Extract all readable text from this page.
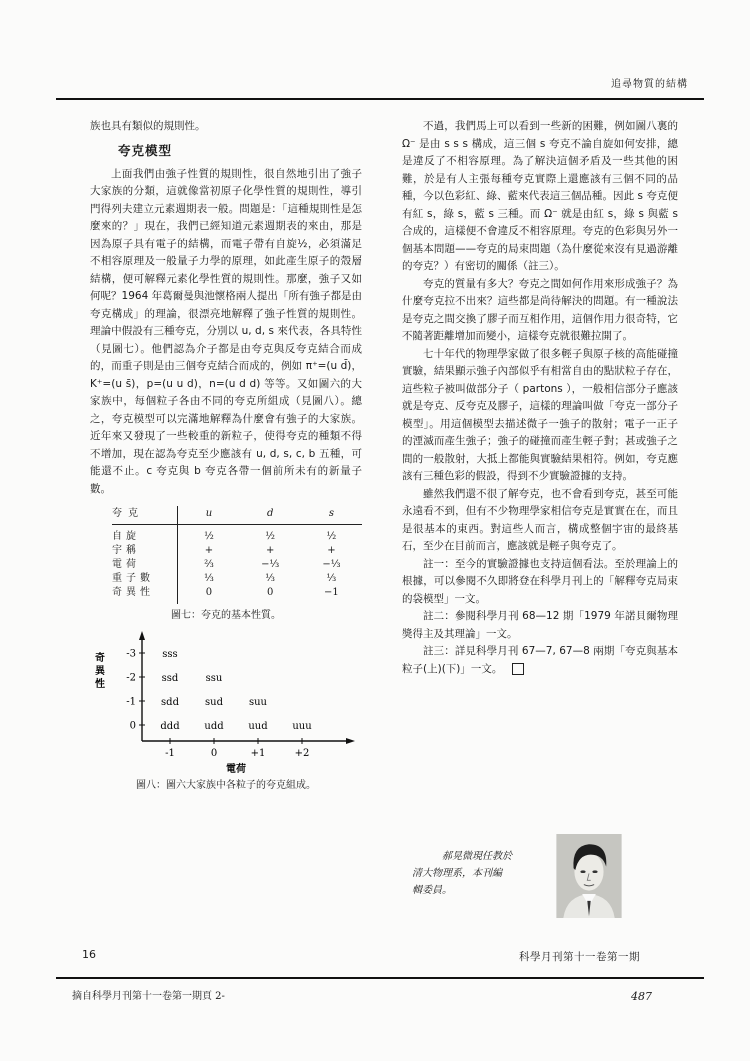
追尋物質的結構

族也具有類似的規則性。

夸克模型

上面我們由強子性質的規則性，很自然地引出了強子大家族的分類，這就像當初原子化學性質的規則性，導引門得列夫建立元素週期表一般。問題是：「這種規則性是怎麼來的？」現在，我們已經知道元素週期表的來由，那是因為原子具有電子的結構，而電子帶有自旋½，必須滿足不相容原理及一般量子力學的原理，如此產生原子的殼層結構，便可解釋元素化學性質的規則性。那麼，強子又如何呢？1964 年葛爾曼與池懷格兩人提出「所有強子都是由夸克構成」的理論，很漂亮地解釋了強子性質的規則性。理論中假設有三種夸克，分別以 u, d, s 來代表，各具特性（見圖七）。他們認為介子都是由夸克與反夸克結合而成的，而重子則是由三個夸克結合而成的，例如 π⁺=(u d̄)，K⁺=(u s̄)，p=(u u d)，n=(u d d) 等等。又如圖六的大家族中，每個粒子各由不同的夸克所組成（見圖八）。總之，夸克模型可以完滿地解釋為什麼會有強子的大家族。近年來又發現了一些較重的新粒子，使得夸克的種類不得不增加，現在認為夸克至少應該有 u, d, s, c, b 五種，可能還不止。c 夸克與 b 夸克各帶一個前所未有的新量子數。

夸克	u	d	s
自旋	½	½	½
宇稱	+	+	+
電荷	⅔	−⅓	−⅓
重子數	⅓	⅓	⅓
奇異性	0	0	−1
圖七：夸克的基本性質。
-1	0	+1	+2
0
-1
-2
-3	sss
ssd	ssu
sdd	sud	suu
ddd udd uud uuu
奇
異
性
電荷
圖八：圖六大家族中各粒子的夸克組成。

不過，我們馬上可以看到一些新的困難，例如圖八裏的 Ω⁻ 是由 s s s 構成，這三個 s 夸克不論自旋如何安排，總是違反了不相容原理。為了解決這個矛盾及一些其他的困難，於是有人主張每種夸克實際上還應該有三個不同的品種，今以色彩紅、綠、藍來代表這三個品種。因此 s 夸克便有紅 s，綠 s，藍 s 三種。而 Ω⁻ 就是由紅 s，綠 s 與藍 s 合成的，這樣便不會違反不相容原理。夸克的色彩與另外一個基本問題——夸克的局束問題（為什麼從來沒有見過游離的夸克？）有密切的關係（註三）。

夸克的質量有多大？夸克之間如何作用來形成強子？為什麼夸克拉不出來？這些都是尚待解決的問題。有一種說法是夸克之間交換了膠子而互相作用，這個作用力很奇特，它不隨著距離增加而變小，這樣夸克就很難拉開了。

七十年代的物理學家做了很多輕子與原子核的高能碰撞實驗，結果顯示強子內部似乎有相當自由的點狀粒子存在，這些粒子被叫做部分子（ partons ），一般相信部分子應該就是夸克、反夸克及膠子，這樣的理論叫做「夸克一部分子模型」。用這個模型去描述微子一強子的散射；電子一正子的湮滅而產生強子；強子的碰撞而產生輕子對；甚或強子之間的一般散射，大抵上都能與實驗結果相符。例如，夸克應該有三種色彩的假設，得到不少實驗證據的支持。

雖然我們還不很了解夸克，也不會看到夸克，甚至可能永遠看不到，但有不少物理學家相信夸克是實實在在，而且是很基本的東西。對這些人而言，構成整個宇宙的最終基石，至少在目前而言，應該就是輕子與夸克了。

註一：至今的實驗證據也支持這個看法。至於理論上的根據，可以參閱不久即將登在科學月刊上的「解釋夸克局束的袋模型」一文。

註二：參閱科學月刊 68—12 期「1979 年諾貝爾物理獎得主及其理論」一文。

註三：詳見科學月刊 67—7, 67—8 兩期「夸克與基本粒子(上)(下)」一文。

郝晃微現任教於

清大物理系，本刊編

輯委員。

16	科學月刊第十一卷第一期
摘自科學月刊第十一卷第一期頁 2-	487
